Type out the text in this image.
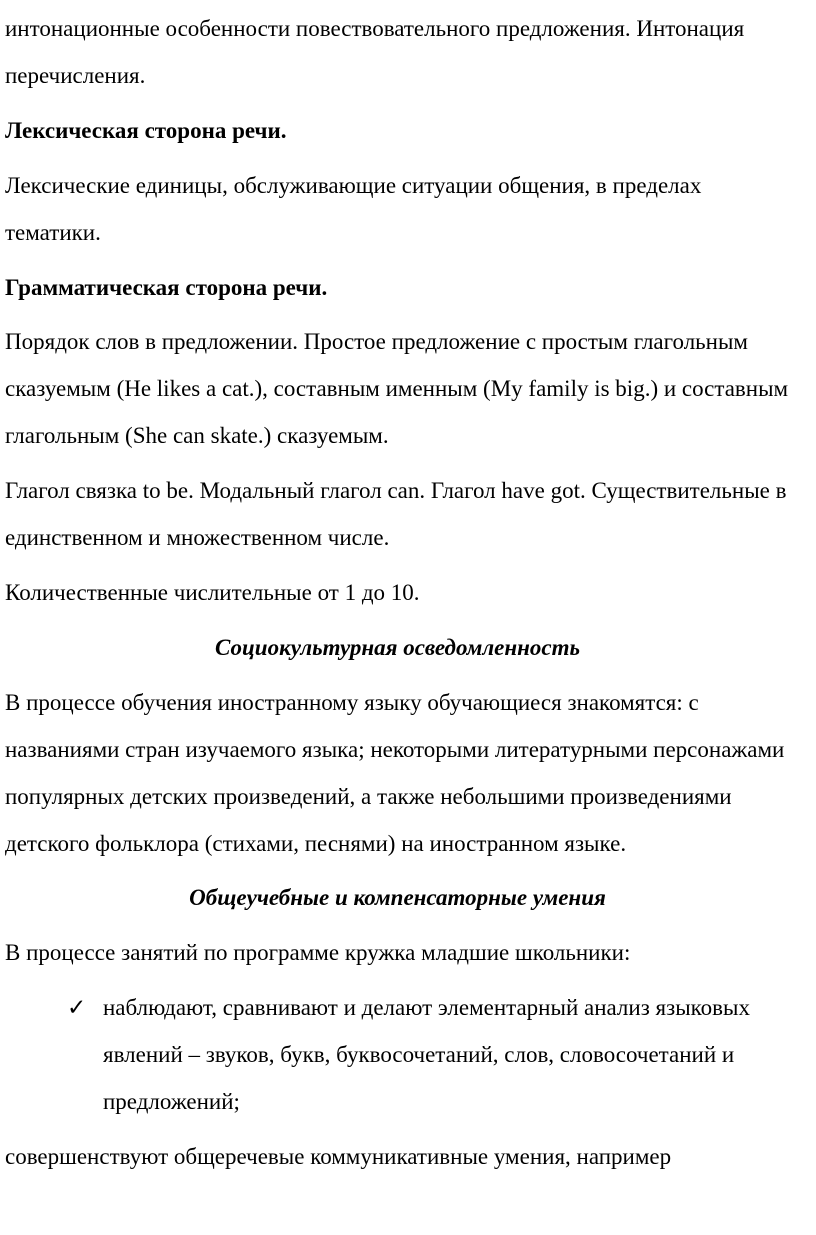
интонационные особенности повествовательного предложения. Интонация перечисления.

Лексическая сторона речи.

Лексические единицы, обслуживающие ситуации общения, в пределах тематики.

Грамматическая сторона речи.

Порядок слов в предложении. Простое предложение с простым глагольным сказуемым (He likes a cat.), составным именным (My family is big.) и составным глагольным (She can skate.) сказуемым.

Глагол связка to be. Модальный глагол can. Глагол have got. Существительные в единственном и множественном числе.

Количественные числительные от 1 до 10.

Социокультурная осведомленность

В процессе обучения иностранному языку обучающиеся знакомятся: с названиями стран изучаемого языка; некоторыми литературными персонажами популярных детских произведений, а также небольшими произведениями детского фольклора (стихами, песнями) на иностранном языке.

Общеучебные и компенсаторные умения

В процессе занятий по программе кружка младшие школьники:

✓ наблюдают, сравнивают и делают элементарный анализ языковых явлений – звуков, букв, буквосочетаний, слов, словосочетаний и предложений;

совершенствуют общеречевые коммуникативные умения, например
